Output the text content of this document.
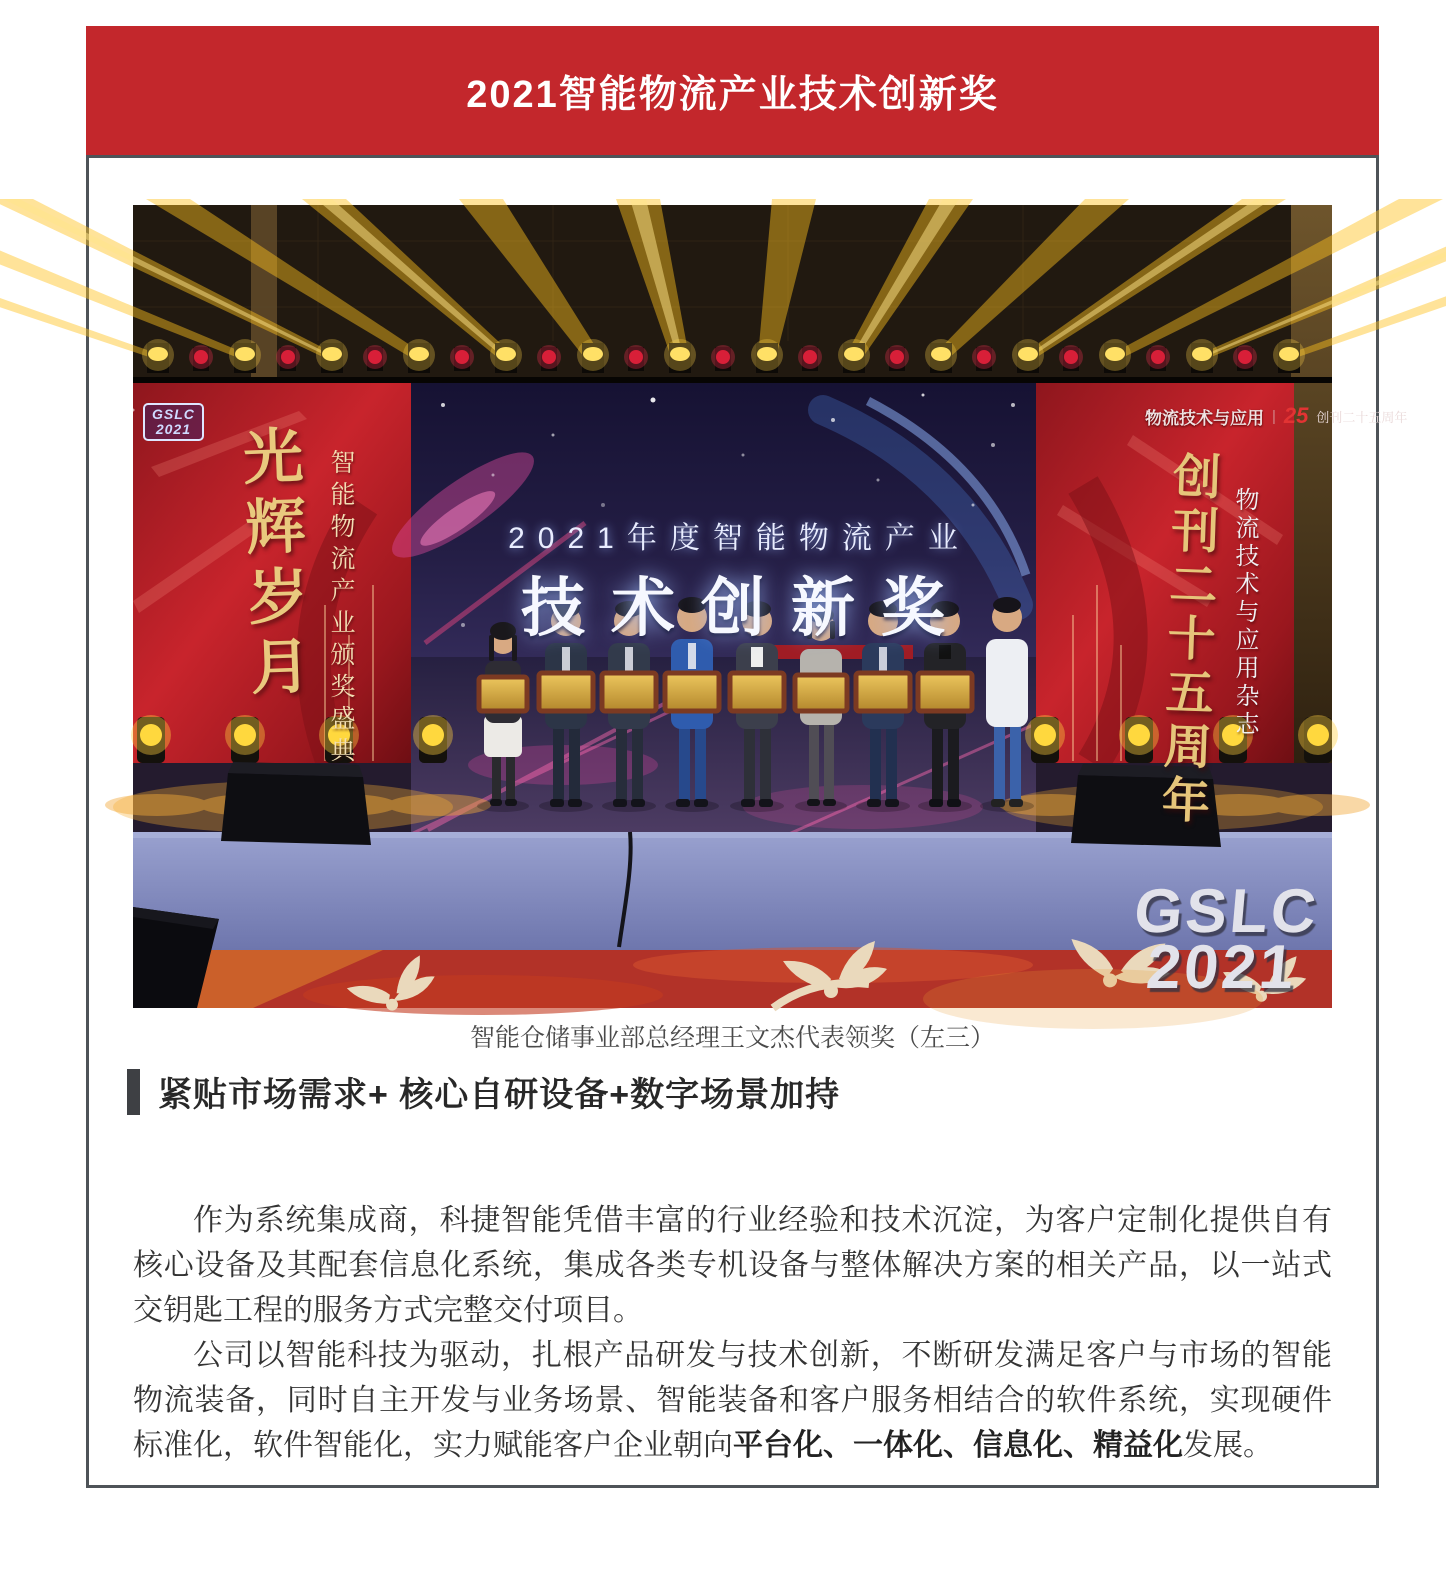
2021智能物流产业技术创新奖
GSLC
2021 光辉岁月 智能物流产业颁奖盛典
物流技术与应用 | 25 创刊二十五周年
创刊二十五周年 物流技术与应用杂志
2021年度智能物流产业
技术创新奖
GSLC
2021
智能仓储事业部总经理王文杰代表领奖（左三）
紧贴市场需求+ 核心自研设备+数字场景加持

作为系统集成商，科捷智能凭借丰富的行业经验和技术沉淀，为客户定制化提供自有核心设备及其配套信息化系统，集成各类专机设备与整体解决方案的相关产品，以一站式交钥匙工程的服务方式完整交付项目。

公司以智能科技为驱动，扎根产品研发与技术创新，不断研发满足客户与市场的智能物流装备，同时自主开发与业务场景、智能装备和客户服务相结合的软件系统，实现硬件标准化，软件智能化，实力赋能客户企业朝向平台化、一体化、信息化、精益化发展。
